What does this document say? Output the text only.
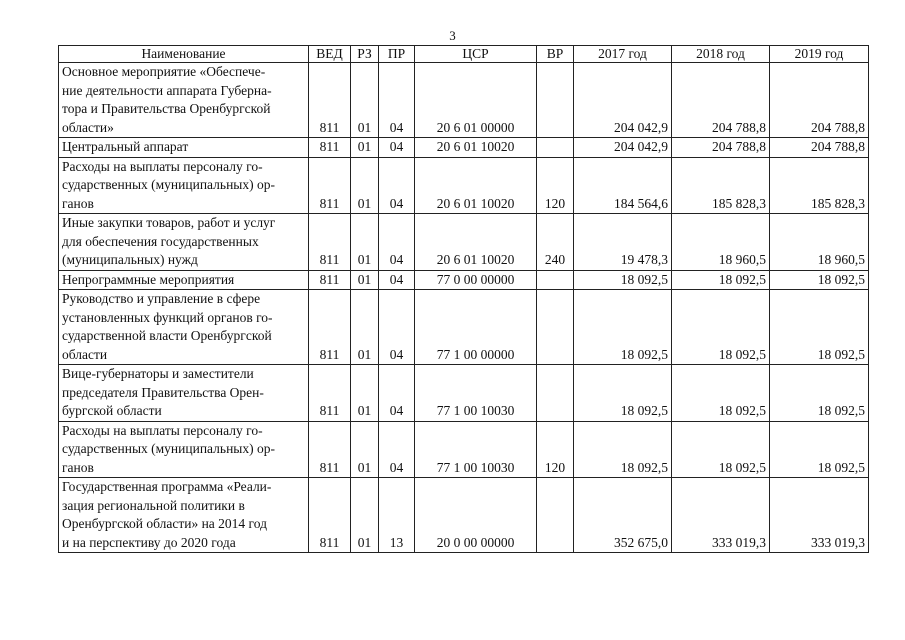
3
Наименование	ВЕД	РЗ	ПР	ЦСР	ВР	2017 год	2018 год	2019 год

Основное мероприятие «Обеспече-
ние деятельности аппарата Губерна-
тора и Правительства Оренбургской
области»	811	01	04	20 6 01 00000		204 042,9	204 788,8	204 788,8

Центральный аппарат	811	01	04	20 6 01 10020		204 042,9	204 788,8	204 788,8

Расходы на выплаты персоналу го-
сударственных (муниципальных) ор-
ганов	811	01	04	20 6 01 10020	120	184 564,6	185 828,3	185 828,3

Иные закупки товаров, работ и услуг
для обеспечения государственных
(муниципальных) нужд	811	01	04	20 6 01 10020	240	19 478,3	18 960,5	18 960,5

Непрограммные мероприятия	811	01	04	77 0 00 00000		18 092,5	18 092,5	18 092,5

Руководство и управление в сфере
установленных функций органов го-
сударственной власти Оренбургской
области	811	01	04	77 1 00 00000		18 092,5	18 092,5	18 092,5

Вице-губернаторы и заместители
председателя Правительства Орен-
бургской области	811	01	04	77 1 00 10030		18 092,5	18 092,5	18 092,5

Расходы на выплаты персоналу го-
сударственных (муниципальных) ор-
ганов	811	01	04	77 1 00 10030	120	18 092,5	18 092,5	18 092,5

Государственная программа «Реали-
зация региональной политики в
Оренбургской области» на 2014 год
и на перспективу до 2020 года	811	01	13	20 0 00 00000		352 675,0	333 019,3	333 019,3
